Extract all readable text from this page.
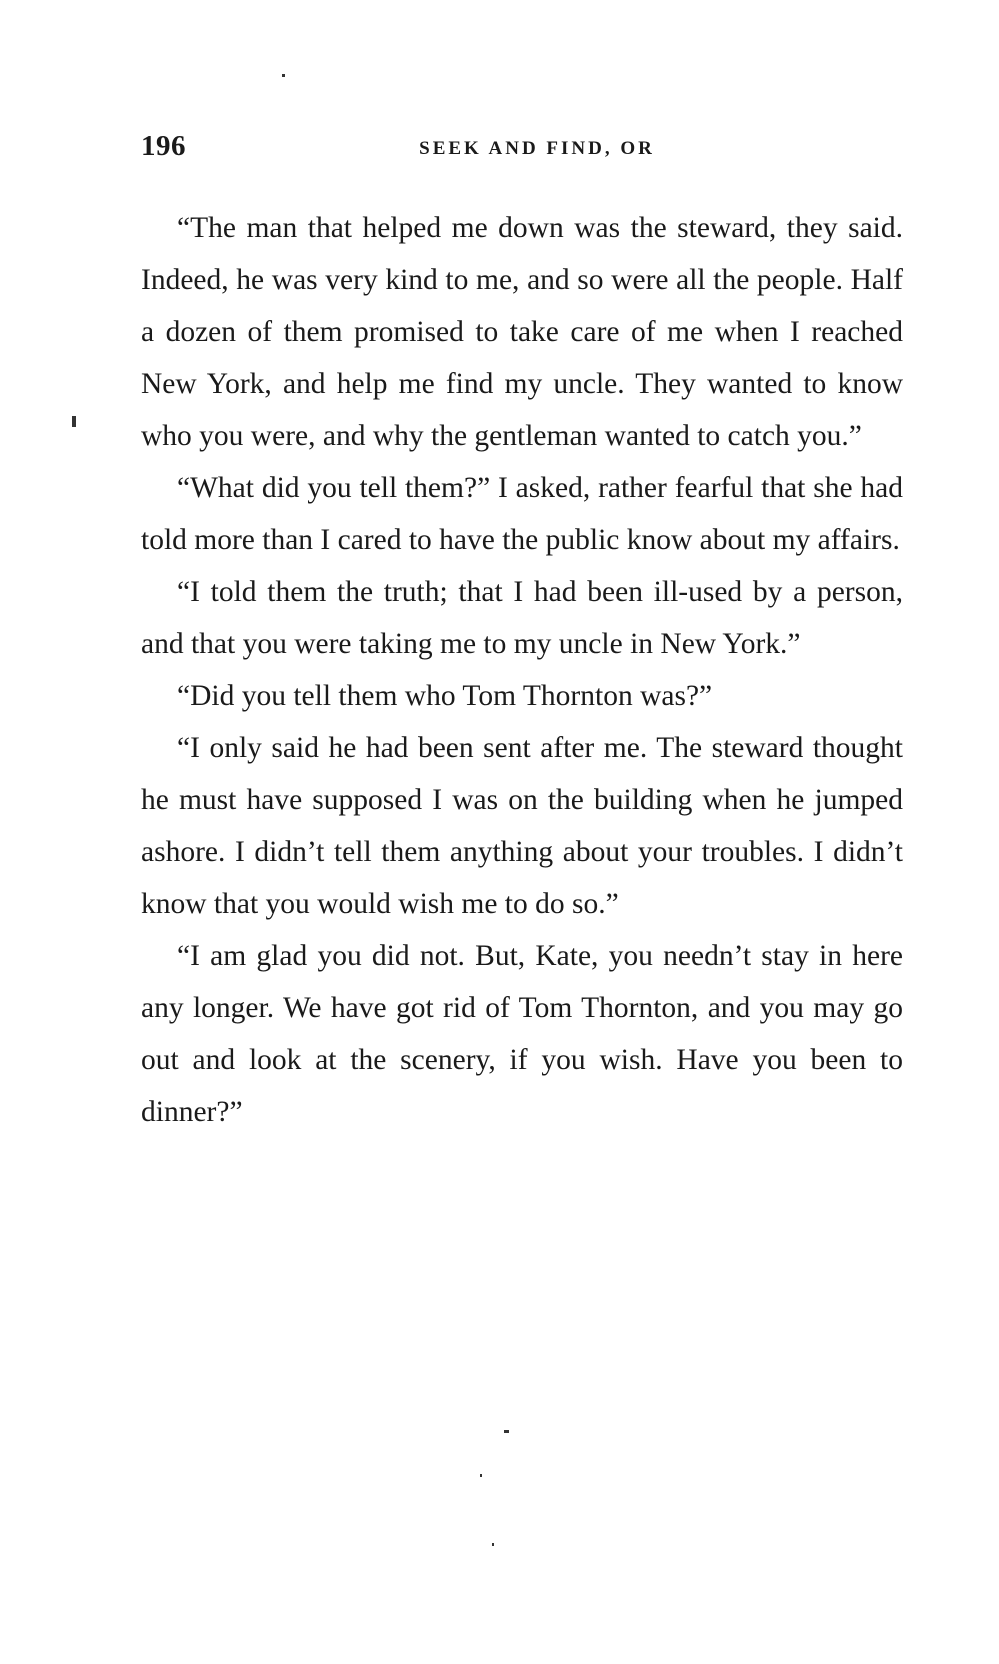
196	SEEK AND FIND, OR

“The man that helped me down was the steward, they said. Indeed, he was very kind to me, and so were all the people. Half a dozen of them promised to take care of me when I reached New York, and help me find my uncle. They wanted to know who you were, and why the gentleman wanted to catch you.”

“What did you tell them?” I asked, rather fearful that she had told more than I cared to have the public know about my affairs.

“I told them the truth; that I had been ill-used by a person, and that you were taking me to my uncle in New York.”

“Did you tell them who Tom Thornton was?”

“I only said he had been sent after me. The steward thought he must have supposed I was on the building when he jumped ashore. I didn’t tell them anything about your troubles. I didn’t know that you would wish me to do so.”

“I am glad you did not. But, Kate, you needn’t stay in here any longer. We have got rid of Tom Thornton, and you may go out and look at the scenery, if you wish. Have you been to dinner?”
